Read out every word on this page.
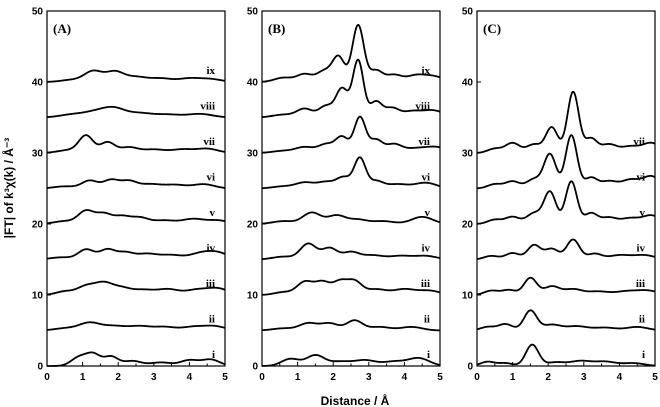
|FT| of k³χ(k) / Å⁻³
Distance / Å
(A)
0
10
20
30
40
50
0	1	2	3	4	5
i
ii
iii
iv
v
vi
vii
viii
ix
(B)
0
10
20
30
40
50
0	1	2	3	4	5
i
ii
iii
iv
v
vi
vii
viii
ix
(C)
0
10
20
30
40
50
0	1	2	3	4	5
i
ii
iii
iv
v
vi
vii
